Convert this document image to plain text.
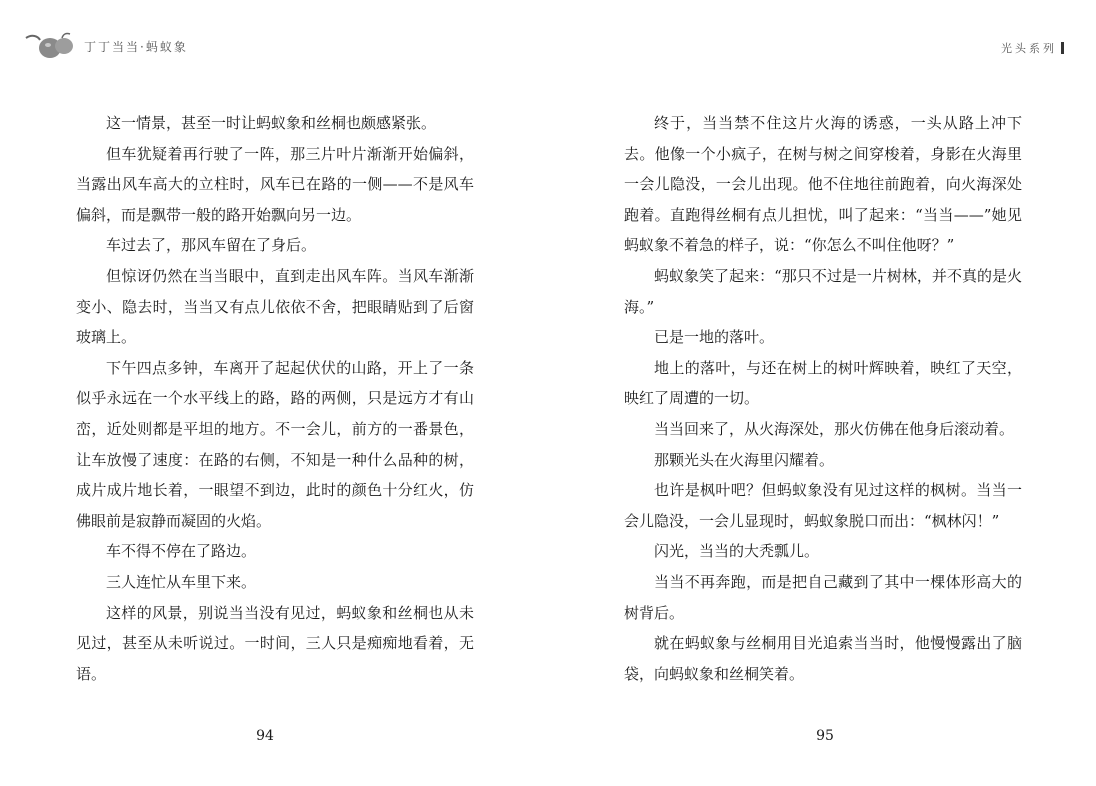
丁丁当当·蚂蚁象

这一情景，甚至一时让蚂蚁象和丝桐也颇感紧张。

但车犹疑着再行驶了一阵，那三片叶片渐渐开始偏斜，当露出风车高大的立柱时，风车已在路的一侧——不是风车偏斜，而是飘带一般的路开始飘向另一边。

车过去了，那风车留在了身后。

但惊讶仍然在当当眼中，直到走出风车阵。当风车渐渐变小、隐去时，当当又有点儿依依不舍，把眼睛贴到了后窗玻璃上。

下午四点多钟，车离开了起起伏伏的山路，开上了一条似乎永远在一个水平线上的路，路的两侧，只是远方才有山峦，近处则都是平坦的地方。不一会儿，前方的一番景色，让车放慢了速度：在路的右侧，不知是一种什么品种的树，成片成片地长着，一眼望不到边，此时的颜色十分红火，仿佛眼前是寂静而凝固的火焰。

车不得不停在了路边。

三人连忙从车里下来。

这样的风景，别说当当没有见过，蚂蚁象和丝桐也从未见过，甚至从未听说过。一时间，三人只是痴痴地看着，无语。

94
光头系列

终于，当当禁不住这片火海的诱惑，一头从路上冲下去。他像一个小疯子，在树与树之间穿梭着，身影在火海里一会儿隐没，一会儿出现。他不住地往前跑着，向火海深处跑着。直跑得丝桐有点儿担忧，叫了起来：“当当——”她见蚂蚁象不着急的样子，说：“你怎么不叫住他呀？”

蚂蚁象笑了起来：“那只不过是一片树林，并不真的是火海。”

已是一地的落叶。

地上的落叶，与还在树上的树叶辉映着，映红了天空，映红了周遭的一切。

当当回来了，从火海深处，那火仿佛在他身后滚动着。

那颗光头在火海里闪耀着。

也许是枫叶吧？但蚂蚁象没有见过这样的枫树。当当一会儿隐没，一会儿显现时，蚂蚁象脱口而出：“枫林闪！”

闪光，当当的大秃瓢儿。

当当不再奔跑，而是把自己藏到了其中一棵体形高大的树背后。

就在蚂蚁象与丝桐用目光追索当当时，他慢慢露出了脑袋，向蚂蚁象和丝桐笑着。

95
